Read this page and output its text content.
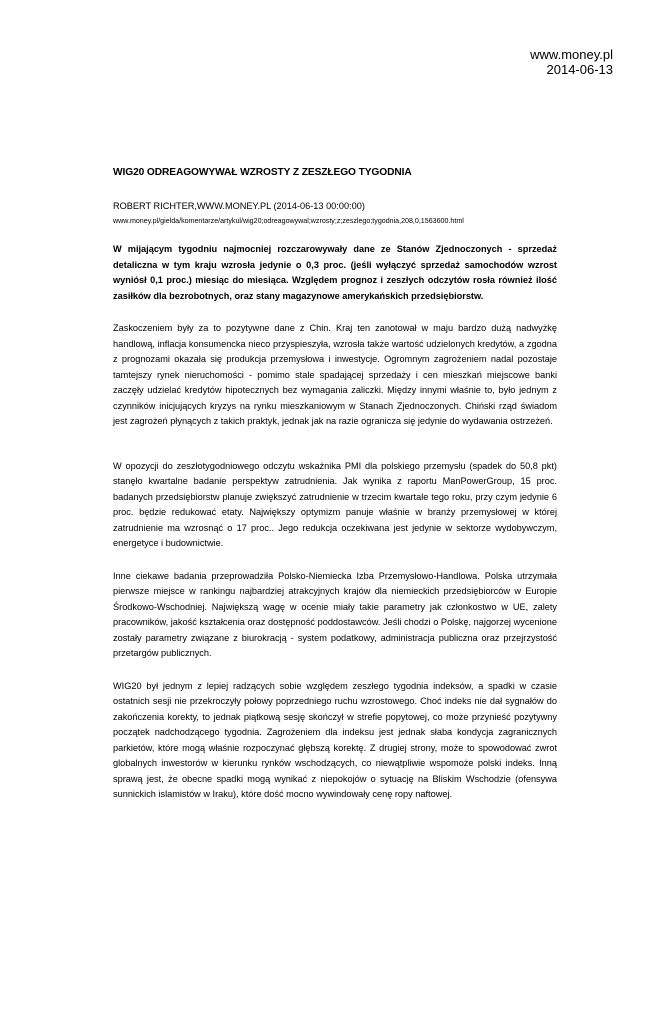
www.money.pl
2014-06-13
WIG20 ODREAGOWYWAŁ WZROSTY Z ZESZŁEGO TYGODNIA

ROBERT RICHTER,WWW.MONEY.PL (2014-06-13 00:00:00)

www.money.pl/gielda/komentarze/artykul/wig20;odreagowywal;wzrosty;z;zeszlego;tygodnia,208,0,1563600.html

W mijającym tygodniu najmocniej rozczarowywały dane ze Stanów Zjednoczonych - sprzedaż detaliczna w tym kraju wzrosła jedynie o 0,3 proc. (jeśli wyłączyć sprzedaż samochodów wzrost wyniósł 0,1 proc.) miesiąc do miesiąca. Względem prognoz i zeszłych odczytów rosła również ilość zasiłków dla bezrobotnych, oraz stany magazynowe amerykańskich przedsiębiorstw.

Zaskoczeniem były za to pozytywne dane z Chin. Kraj ten zanotował w maju bardzo dużą nadwyżkę handlową, inflacja konsumencka nieco przyspieszyła, wzrosła także wartość udzielonych kredytów, a zgodna z prognozami okazała się produkcja przemysłowa i inwestycje. Ogromnym zagrożeniem nadal pozostaje tamtejszy rynek nieruchomości - pomimo stale spadającej sprzedaży i cen mieszkań miejscowe banki zaczęły udzielać kredytów hipotecznych bez wymagania zaliczki. Między innymi właśnie to, było jednym z czynników inicjujących kryzys na rynku mieszkaniowym w Stanach Zjednoczonych. Chiński rząd świadom jest zagrożeń płynących z takich praktyk, jednak jak na razie ogranicza się jedynie do wydawania ostrzeżeń.

W opozycji do zeszłotygodniowego odczytu wskaźnika PMI dla polskiego przemysłu (spadek do 50,8 pkt) stanęło kwartalne badanie perspektyw zatrudnienia. Jak wynika z raportu ManPowerGroup, 15 proc. badanych przedsiębiorstw planuje zwiększyć zatrudnienie w trzecim kwartale tego roku, przy czym jedynie 6 proc. będzie redukować etaty. Największy optymizm panuje właśnie w branży przemysłowej w której zatrudnienie ma wzrosnąć o 17 proc.. Jego redukcja oczekiwana jest jedynie w sektorze wydobywczym, energetyce i budownictwie.

Inne ciekawe badania przeprowadziła Polsko-Niemiecka Izba Przemysłowo-Handlowa. Polska utrzymała pierwsze miejsce w rankingu najbardziej atrakcyjnych krajów dla niemieckich przedsiębiorców w Europie Środkowo-Wschodniej. Największą wagę w ocenie miały takie parametry jak członkostwo w UE, zalety pracowników, jakość kształcenia oraz dostępność poddostawców. Jeśli chodzi o Polskę, najgorzej wycenione zostały parametry związane z biurokracją - system podatkowy, administracja publiczna oraz przejrzystość przetargów publicznych.

WIG20 był jednym z lepiej radzących sobie względem zeszłego tygodnia indeksów, a spadki w czasie ostatnich sesji nie przekroczyły połowy poprzedniego ruchu wzrostowego. Choć indeks nie dał sygnałów do zakończenia korekty, to jednak piątkową sesję skończył w strefie popytowej, co może przynieść pozytywny początek nadchodzącego tygodnia. Zagrożeniem dla indeksu jest jednak słaba kondycja zagranicznych parkietów, które mogą właśnie rozpoczynać głębszą korektę. Z drugiej strony, może to spowodować zwrot globalnych inwestorów w kierunku rynków wschodzących, co niewątpliwie wspomoże polski indeks. Inną sprawą jest, że obecne spadki mogą wynikać z niepokojów o sytuację na Bliskim Wschodzie (ofensywa sunnickich islamistów w Iraku), które dość mocno wywindowały cenę ropy naftowej.
